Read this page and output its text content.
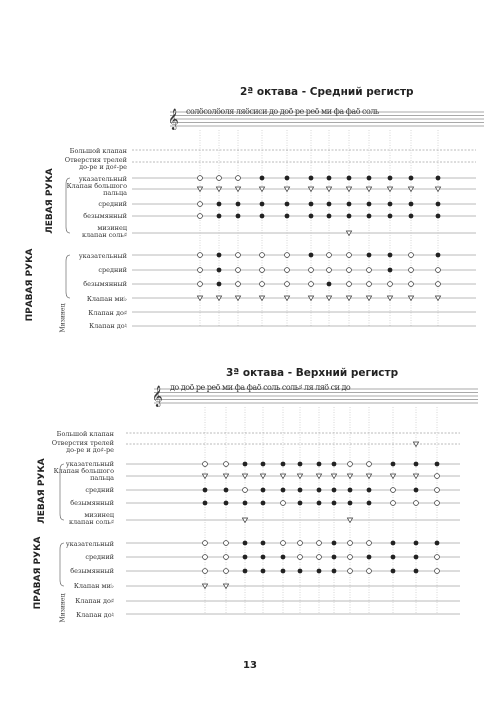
2ª октава - Средний регистр
солӧсолӧоля ляӧсиси до доӧ ре реӧ ми фа фаӧ соль
Большой клапан
Отверстия трелей до-ре и до♯-ре
указательный
Клапан большого пальца
средний
безымянный
мизинец клапан соль♯
указательный
средний
безымянный
Клапан ми♭
Клапан до♯
Клапан до♮
ЛЕВАЯ РУКА
ПРАВАЯ РУКА	Мизинец
3ª октава - Верхний регистр
до доӧ ре реӧ ми фа фаӧ соль соль♯ ля ляӧ си до
Большой клапан
Отверстия трелей до-ре и до♯-ре
указательный
Клапан большого пальца
средний
безымянный
мизинец клапан соль♯
указательный
средний
безымянный
Клапан ми♭
Клапан до♯
Клапан до♮
ЛЕВАЯ РУКА
ПРАВАЯ РУКА	Мизинец
13
𝄞
𝄞
